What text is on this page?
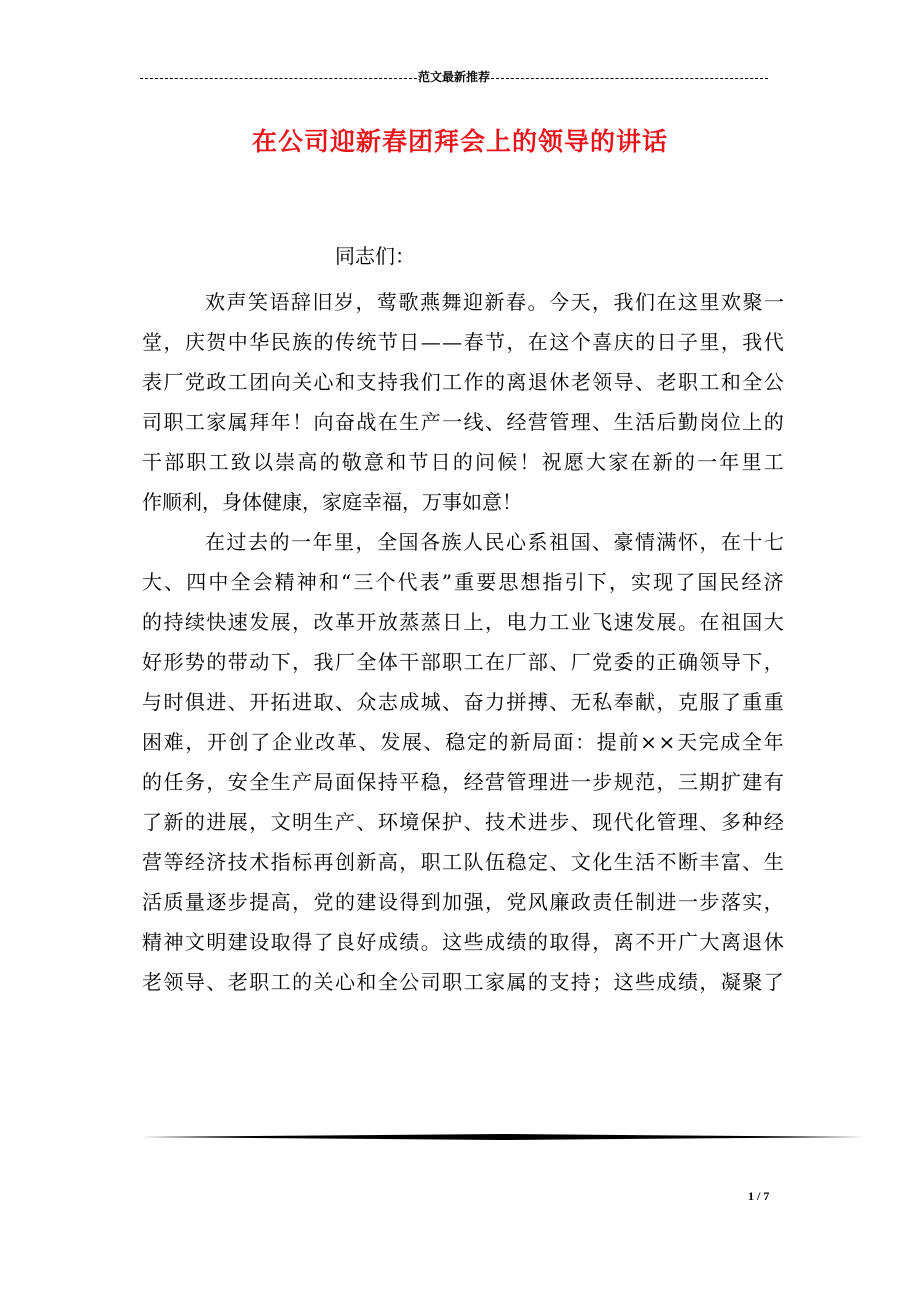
范文最新推荐
在公司迎新春团拜会上的领导的讲话
同志们：
欢 声 笑 语 辞 旧 岁 ， 莺 歌 燕 舞 迎 新 春 。 今 天 ， 我 们 在 这 里 欢 聚 一
堂 ， 庆 贺 中 华 民 族 的 传 统 节 日 — — 春 节 ， 在 这 个 喜 庆 的 日 子 里 ， 我 代
表 厂 党 政 工 团 向 关 心 和 支 持 我 们 工 作 的 离 退 休 老 领 导 、 老 职 工 和 全 公
司 职 工 家 属 拜 年 ！ 向 奋 战 在 生 产 一 线 、 经 营 管 理 、 生 活 后 勤 岗 位 上 的
干 部 职 工 致 以 崇 高 的 敬 意 和 节 日 的 问 候 ！ 祝 愿 大 家 在 新 的 一 年 里 工
作顺利，身体健康，家庭幸福，万事如意！
在 过 去 的 一 年 里 ， 全 国 各 族 人 民 心 系 祖 国 、 豪 情 满 怀 ， 在 十 七
大 、 四 中 全 会 精 神 和 “ 三 个 代 表 ” 重 要 思 想 指 引 下 ， 实 现 了 国 民 经 济
的 持 续 快 速 发 展 ， 改 革 开 放 蒸 蒸 日 上 ， 电 力 工 业 飞 速 发 展 。 在 祖 国 大
好 形 势 的 带 动 下 ， 我 厂 全 体 干 部 职 工 在 厂 部 、 厂 党 委 的 正 确 领 导 下 ，
与 时 俱 进 、 开 拓 进 取 、 众 志 成 城 、 奋 力 拼 搏 、 无 私 奉 献 ， 克 服 了 重 重
困 难 ， 开 创 了 企 业 改 革 、 发 展 、 稳 定 的 新 局 面 ： 提 前 × × 天 完 成 全 年
的 任 务 ， 安 全 生 产 局 面 保 持 平 稳 ， 经 营 管 理 进 一 步 规 范 ， 三 期 扩 建 有
了 新 的 进 展 ， 文 明 生 产 、 环 境 保 护 、 技 术 进 步 、 现 代 化 管 理 、 多 种 经
营 等 经 济 技 术 指 标 再 创 新 高 ， 职 工 队 伍 稳 定 、 文 化 生 活 不 断 丰 富 、 生
活 质 量 逐 步 提 高 ， 党 的 建 设 得 到 加 强 ， 党 风 廉 政 责 任 制 进 一 步 落 实 ，
精 神 文 明 建 设 取 得 了 良 好 成 绩 。 这 些 成 绩 的 取 得 ， 离 不 开 广 大 离 退 休
老 领 导 、 老 职 工 的 关 心 和 全 公 司 职 工 家 属 的 支 持 ； 这 些 成 绩 ， 凝 聚 了
1 / 7
